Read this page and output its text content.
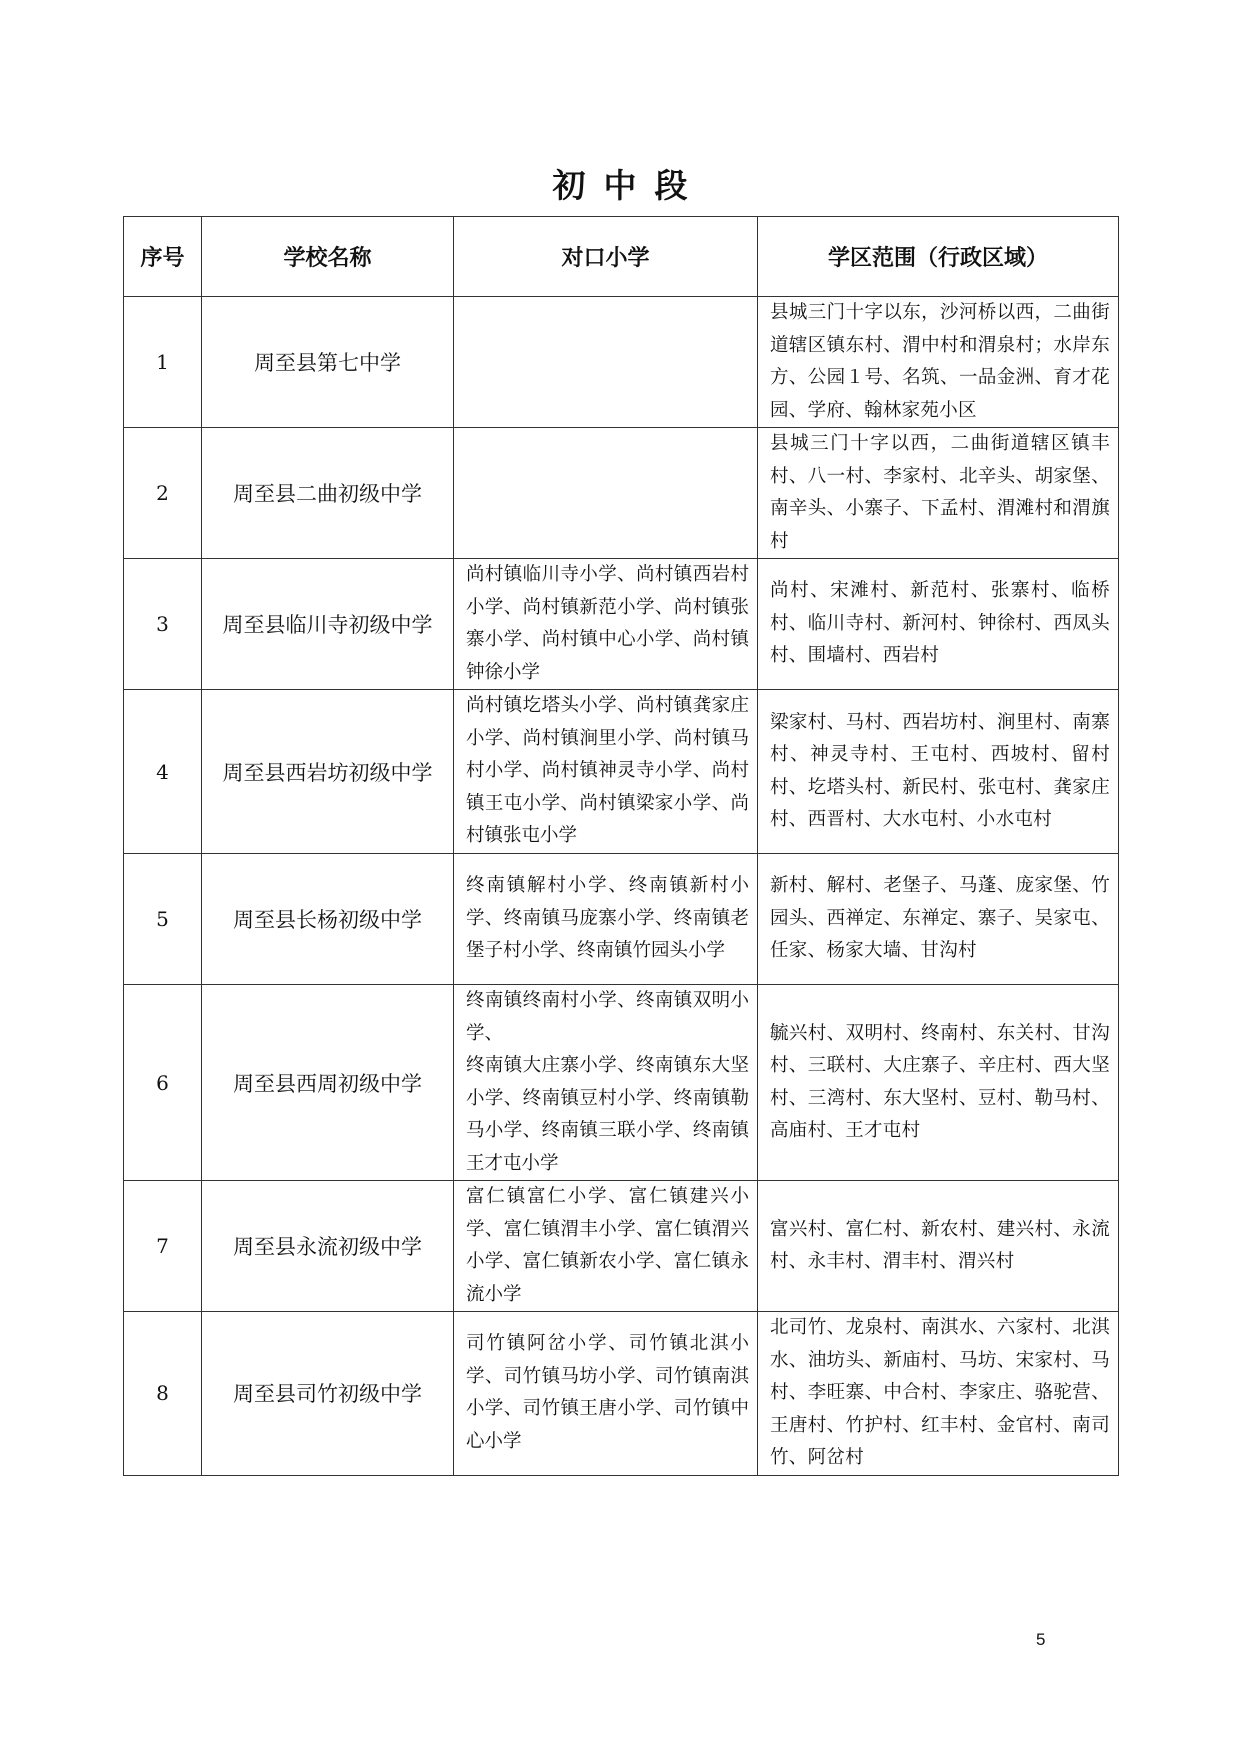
初中段
序号	学校名称	对口小学	学区范围（行政区域）
1	周至县第七中学		县城三门十字以东，沙河桥以西，二曲街道辖区镇东村、渭中村和渭泉村；水岸东方、公园１号、名筑、一品金洲、育才花园、学府、翰林家苑小区
2	周至县二曲初级中学		县城三门十字以西，二曲街道辖区镇丰村、八一村、李家村、北辛头、胡家堡、南辛头、小寨子、下孟村、渭滩村和渭旗村
3	周至县临川寺初级中学	尚村镇临川寺小学、尚村镇西岩村小学、尚村镇新范小学、尚村镇张寨小学、尚村镇中心小学、尚村镇钟徐小学	尚村、宋滩村、新范村、张寨村、临桥村、临川寺村、新河村、钟徐村、西凤头村、围墙村、西岩村
4	周至县西岩坊初级中学	尚村镇圪塔头小学、尚村镇龚家庄小学、尚村镇涧里小学、尚村镇马村小学、尚村镇神灵寺小学、尚村镇王屯小学、尚村镇梁家小学、尚村镇张屯小学	梁家村、马村、西岩坊村、涧里村、南寨村、神灵寺村、王屯村、西坡村、留村村、圪塔头村、新民村、张屯村、龚家庄村、西晋村、大水屯村、小水屯村
5	周至县长杨初级中学	终南镇解村小学、终南镇新村小学、终南镇马庞寨小学、终南镇老堡子村小学、终南镇竹园头小学	新村、解村、老堡子、马蓬、庞家堡、竹园头、西禅定、东禅定、寨子、吴家屯、任家、杨家大墙、甘沟村
6	周至县西周初级中学	终南镇终南村小学、终南镇双明小学、
终南镇大庄寨小学、终南镇东大坚小学、终南镇豆村小学、终南镇勒马小学、终南镇三联小学、终南镇王才屯小学	毓兴村、双明村、终南村、东关村、甘沟村、三联村、大庄寨子、辛庄村、西大坚村、三湾村、东大坚村、豆村、勒马村、高庙村、王才屯村
7	周至县永流初级中学	富仁镇富仁小学、富仁镇建兴小学、富仁镇渭丰小学、富仁镇渭兴小学、富仁镇新农小学、富仁镇永流小学	富兴村、富仁村、新农村、建兴村、永流村、永丰村、渭丰村、渭兴村
8	周至县司竹初级中学	司竹镇阿岔小学、司竹镇北淇小学、司竹镇马坊小学、司竹镇南淇小学、司竹镇王唐小学、司竹镇中心小学	北司竹、龙泉村、南淇水、六家村、北淇水、油坊头、新庙村、马坊、宋家村、马村、李旺寨、中合村、李家庄、骆驼营、王唐村、竹护村、红丰村、金官村、南司竹、阿岔村
5
